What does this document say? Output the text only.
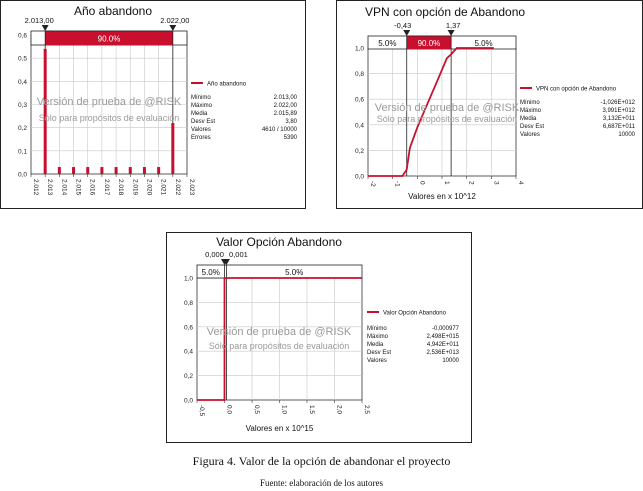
Año abandono
2.012 2.013 2.014 2.015 2.016 2.017 2.018 2.019 2.020 2.021 2.022 2.023
0,0
0,1
0,2
0,3
0,4
0,5
0,6	90.0%
2.013,00	2.022,00
Versión de prueba de @RISK
Sólo para propósitos de evaluación
Año abandono
Mínimo	2.013,00
Máximo	2.022,00
Media	2.015,89
Desv Est	3,80
Valores	4610 / 10000
Errores	5390
VPN con opción de Abandono
-2	-1	0	1	2	3	4
0,0
0,2
0,4
0,6
0,8
1,0
5.0%	90.0%	5.0%
-0,43	1,37
Versión de prueba de @RISK
Sólo para propósitos de evaluación
VPN con opción de Abandono
Mínimo	-1,026E+012
Máximo	3,991E+012
Media	3,132E+011
Desv Est	6,687E+011
Valores	10000
Valores en x 10^12
Valor Opción Abandono
-0,5	0,0	0,5	1,0	1,5	2,0	2,5
0,0
0,2
0,4
0,6
0,8
1,0
5.0%	5.0%
0,000 0,001
Versión de prueba de @RISK
Sólo para propósitos de evaluación
Valor Opción Abandono
Mínimo	-0,000977
Máximo	2,498E+015
Media	4,942E+011
Desv Est	2,536E+013
Valores	10000
Valores en x 10^15
Figura 4. Valor de la opción de abandonar el proyecto
Fuente: elaboración de los autores
